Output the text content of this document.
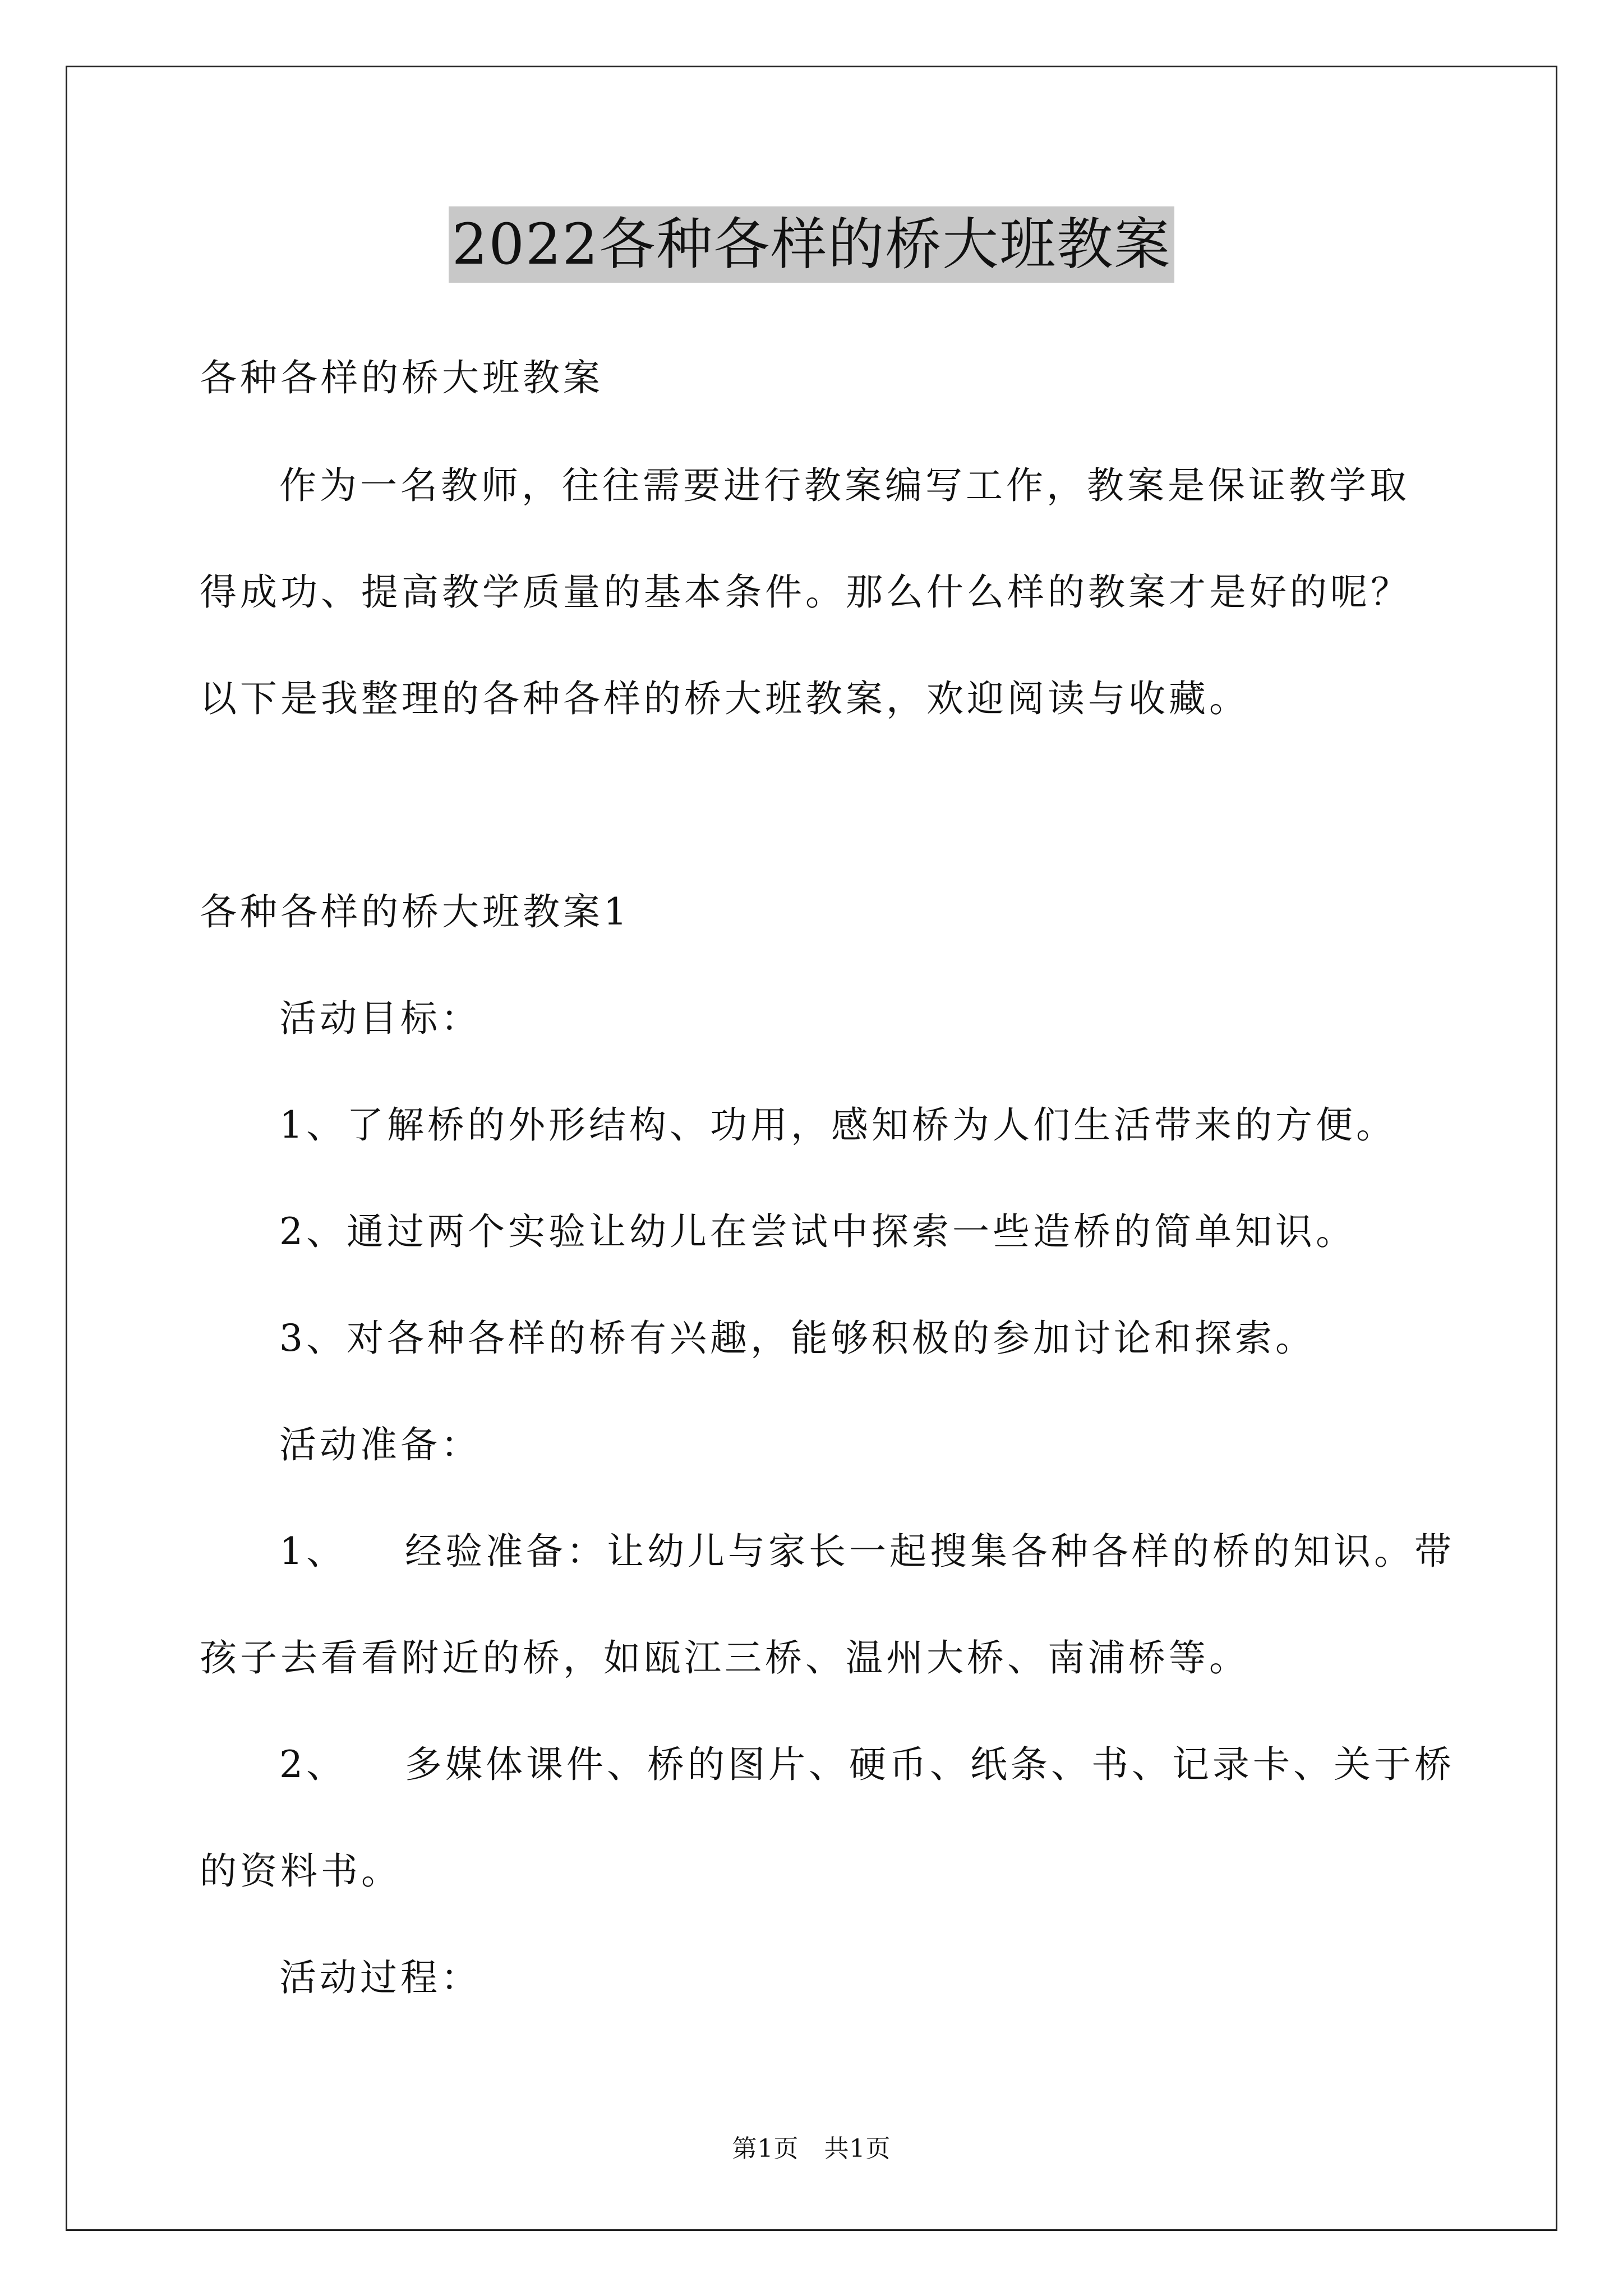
2022各种各样的桥大班教案
各种各样的桥大班教案
作为一名教师，往往需要进行教案编写工作，教案是保证教学取
得成功、提高教学质量的基本条件。那么什么样的教案才是好的呢？
以下是我整理的各种各样的桥大班教案，欢迎阅读与收藏。
各种各样的桥大班教案1
活动目标：
1、了解桥的外形结构、功用，感知桥为人们生活带来的方便。
2、通过两个实验让幼儿在尝试中探索一些造桥的简单知识。
3、对各种各样的桥有兴趣，能够积极的参加讨论和探索。
活动准备：
1、 经验准备：让幼儿与家长一起搜集各种各样的桥的知识。带
孩子去看看附近的桥，如瓯江三桥、温州大桥、南浦桥等。
2、 多媒体课件、桥的图片、硬币、纸条、书、记录卡、关于桥
的资料书。
活动过程：
第1页　共1页
